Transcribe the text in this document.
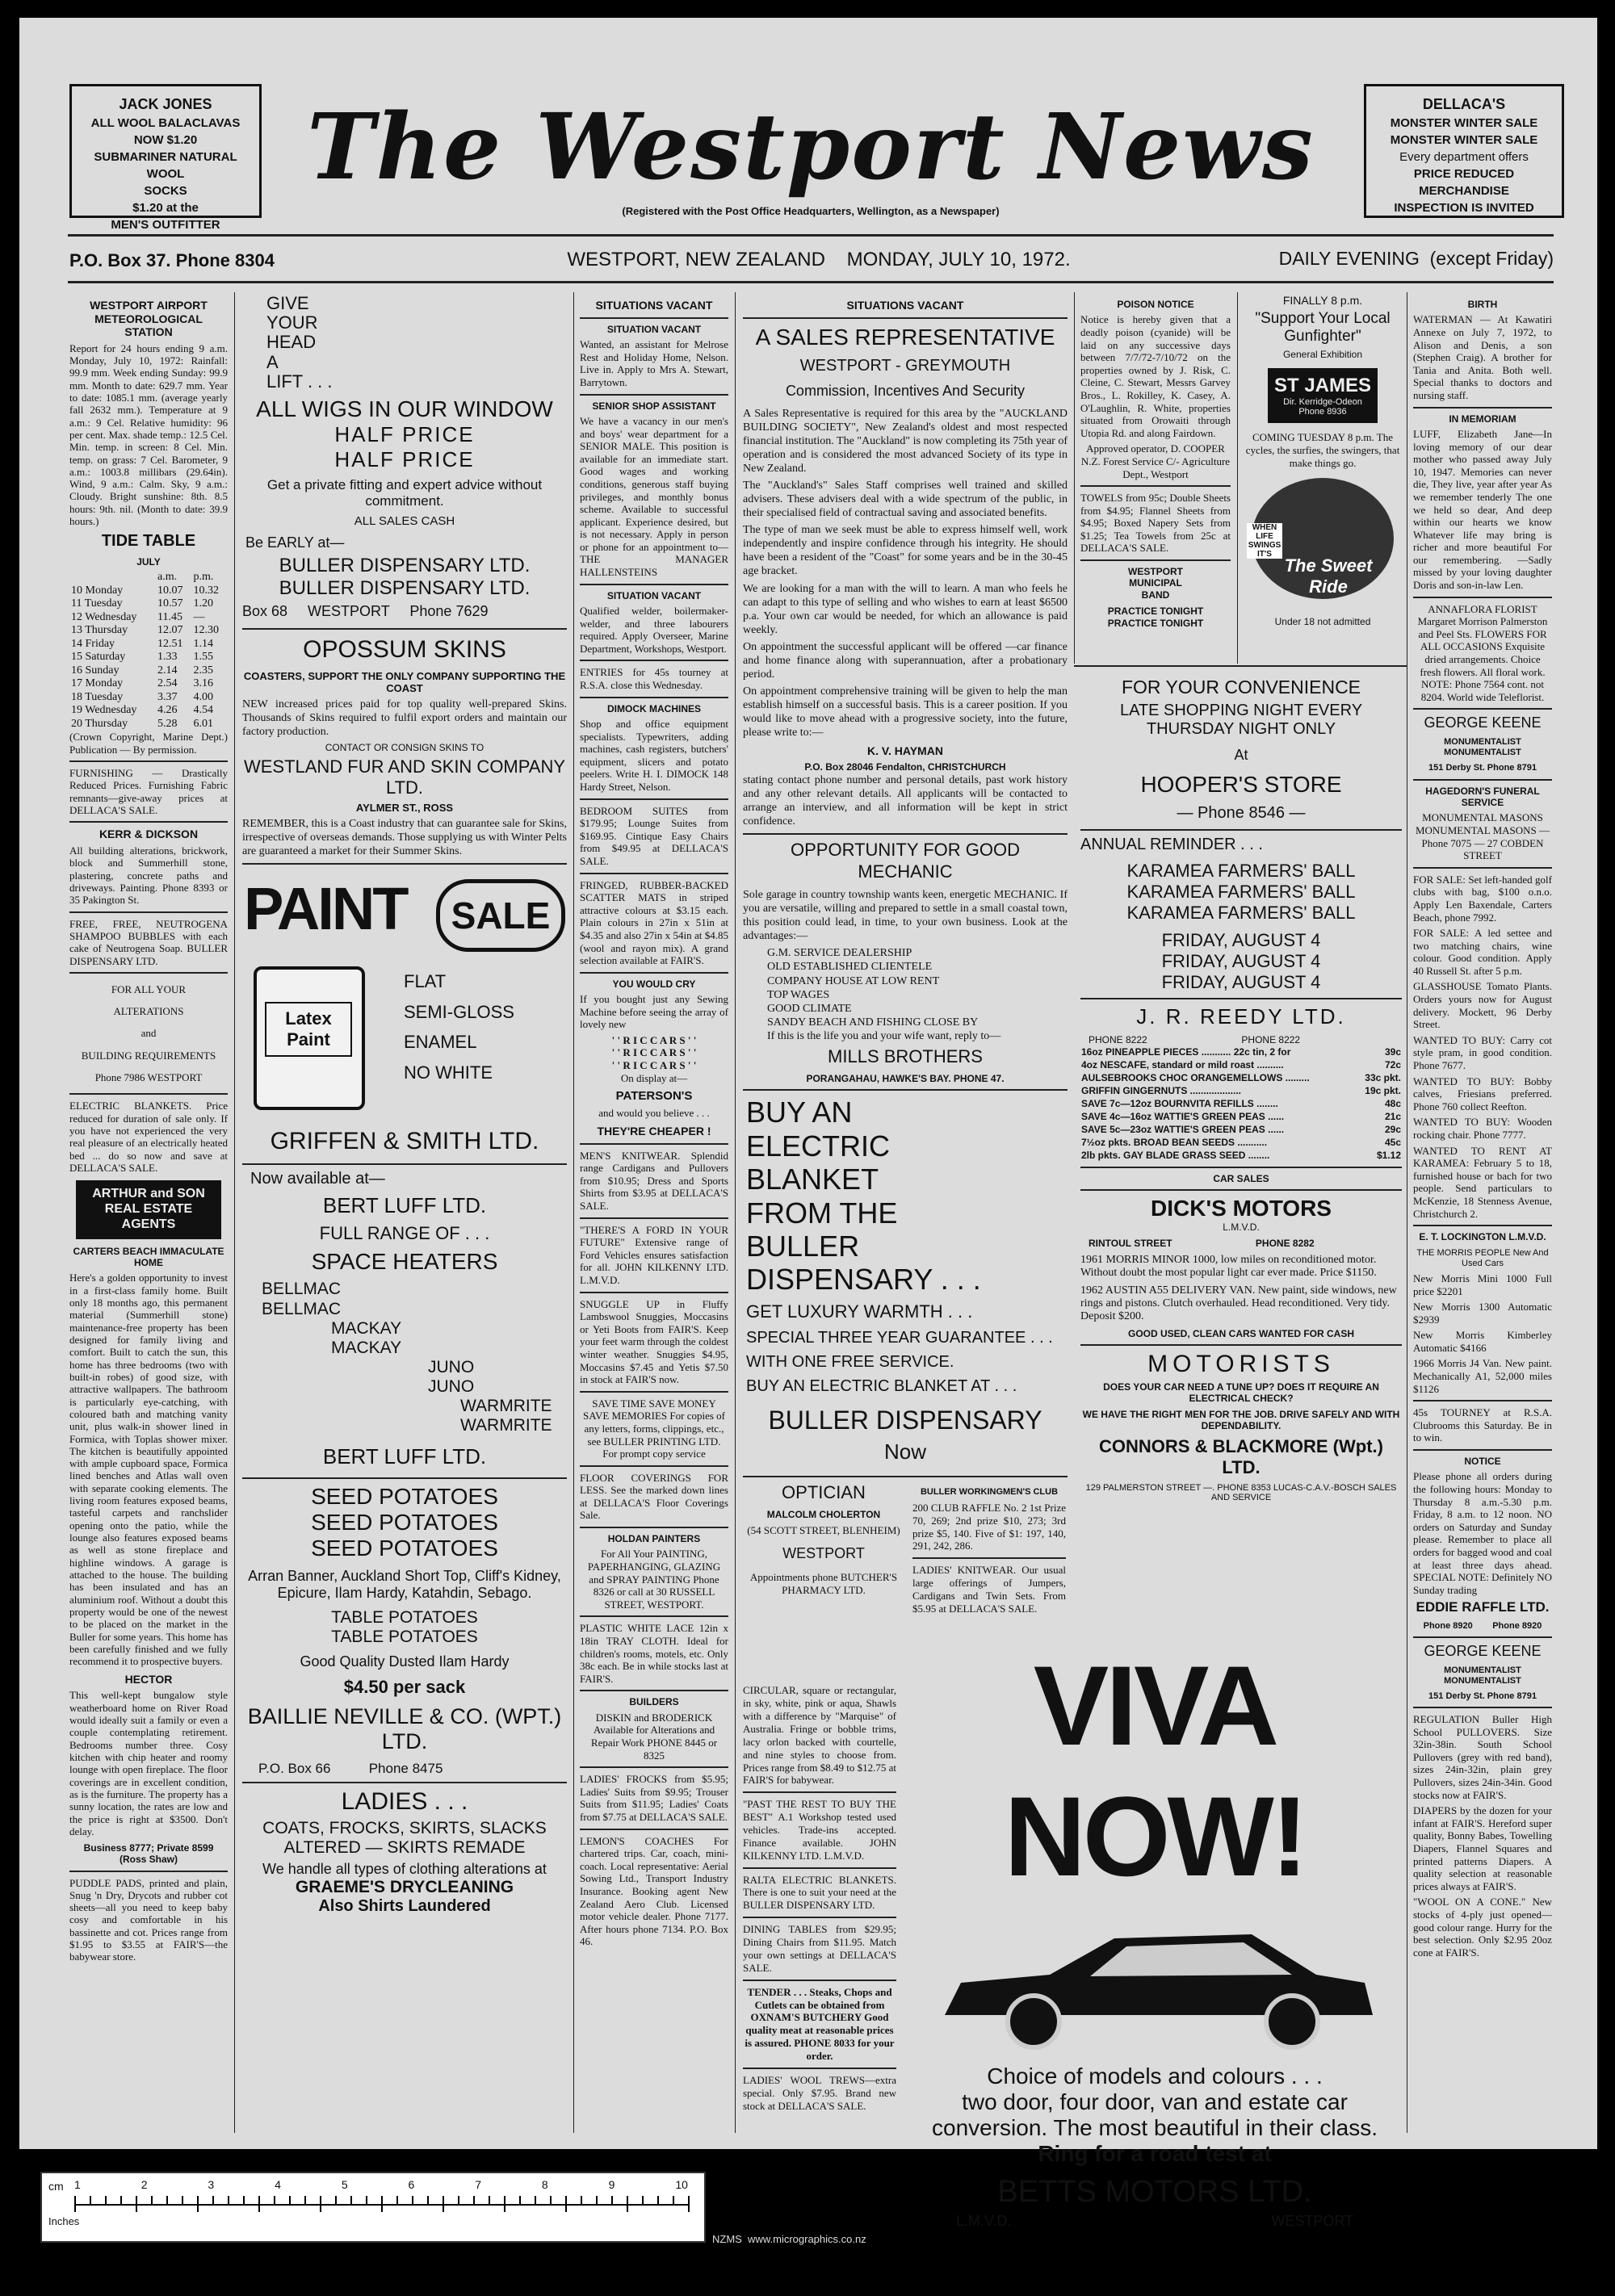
JACK JONES
ALL WOOL BALACLAVAS
NOW $1.20
SUBMARINER NATURAL WOOL
SOCKS
$1.20 at the
MEN'S OUTFITTER
DELLACA'S
MONSTER WINTER SALE
MONSTER WINTER SALE
Every department offers
PRICE REDUCED MERCHANDISE
INSPECTION IS INVITED
The Westport News
(Registered with the Post Office Headquarters, Wellington, as a Newspaper)
P.O. Box 37. Phone 8304	WESTPORT, NEW ZEALAND    MONDAY, JULY 10, 1972.	DAILY EVENING  (except Friday)
WESTPORT AIRPORT METEOROLOGICAL STATION

Report for 24 hours ending 9 a.m. Monday, July 10, 1972: Rainfall: 99.9 mm. Week ending Sunday: 99.9 mm. Month to date: 629.7 mm. Year to date: 1085.1 mm. (average yearly fall 2632 mm.). Temperature at 9 a.m.: 9 Cel. Relative humidity: 96 per cent. Max. shade temp.: 12.5 Cel. Min. temp. in screen: 8 Cel. Min. temp. on grass: 7 Cel. Barometer, 9 a.m.: 1003.8 millibars (29.64in). Wind, 9 a.m.: Calm. Sky, 9 a.m.: Cloudy. Bright sunshine: 8th. 8.5 hours: 9th. nil. (Month to date: 39.9 hours.)

TIDE TABLE
JULY
	a.m.	p.m.
10 Monday	10.07	10.32
11 Tuesday	10.57	1.20
12 Wednesday	11.45	—
13 Thursday	12.07	12.30
14 Friday	12.51	1.14
15 Saturday	1.33	1.55
16 Sunday	2.14	2.35
17 Monday	2.54	3.16
18 Tuesday	3.37	4.00
19 Wednesday	4.26	4.54
20 Thursday	5.28	6.01

(Crown Copyright, Marine Dept.) Publication — By permission.

FURNISHING — Drastically Reduced Prices. Furnishing Fabric remnants—give-away prices at DELLACA'S SALE.

KERR & DICKSON

All building alterations, brickwork, block and Summerhill stone, plastering, concrete paths and driveways. Painting. Phone 8393 or 35 Pakington St.

FREE, FREE, NEUTROGENA SHAMPOO BUBBLES with each cake of Neutrogena Soap. BULLER DISPENSARY LTD.

FOR ALL YOUR
ALTERATIONS
and
BUILDING REQUIREMENTS
Phone 7986 WESTPORT

ELECTRIC BLANKETS. Price reduced for duration of sale only. If you have not experienced the very real pleasure of an electrically heated bed ... do so now and save at DELLACA'S SALE.

ARTHUR and SON REAL ESTATE AGENTS
CARTERS BEACH IMMACULATE HOME

Here's a golden opportunity to invest in a first-class family home. Built only 18 months ago, this permanent material (Summerhill stone) maintenance-free property has been designed for family living and comfort. Built to catch the sun, this home has three bedrooms (two with built-in robes) of good size, with attractive wallpapers. The bathroom is particularly eye-catching, with coloured bath and matching vanity unit, plus walk-in shower lined in Formica, with Toplas shower mixer. The kitchen is beautifully appointed with ample cupboard space, Formica lined benches and Atlas wall oven with separate cooking elements. The living room features exposed beams, tasteful carpets and ranchslider opening onto the patio, while the lounge also features exposed beams as well as stone fireplace and highline windows. A garage is attached to the house. The building has been insulated and has an aluminium roof. Without a doubt this property would be one of the newest to be placed on the market in the Buller for some years. This home has been carefully finished and we fully recommend it to prospective buyers.

HECTOR

This well-kept bungalow style weatherboard home on River Road would ideally suit a family or even a couple contemplating retirement. Bedrooms number three. Cosy kitchen with chip heater and roomy lounge with open fireplace. The floor coverings are in excellent condition, as is the furniture. The property has a sunny location, the rates are low and the price is right at $3500. Don't delay.

Business 8777; Private 8599 (Ross Shaw)

PUDDLE PADS, printed and plain, Snug 'n Dry, Drycots and rubber cot sheets—all you need to keep baby cosy and comfortable in his bassinette and cot. Prices range from $1.95 to $3.55 at FAIR'S—the babywear store.

GIVE
YOUR
HEAD
A
LIFT . . .
ALL WIGS IN OUR WINDOW
HALF PRICE
HALF PRICE
Get a private fitting and expert advice without commitment.
ALL SALES CASH
Be EARLY at—
BULLER DISPENSARY LTD.
BULLER DISPENSARY LTD.
Box 68     WESTPORT     Phone 7629
OPOSSUM SKINS
COASTERS, SUPPORT THE ONLY COMPANY SUPPORTING THE COAST
NEW increased prices paid for top quality well-prepared Skins. Thousands of Skins required to fulfil export orders and maintain our factory production.
CONTACT OR CONSIGN SKINS TO
WESTLAND FUR AND SKIN COMPANY LTD.
AYLMER ST., ROSS
REMEMBER, this is a Coast industry that can guarantee sale for Skins, irrespective of overseas demands. Those supplying us with Winter Pelts are guaranteed a market for their Summer Skins.
PAINT	SALE
Latex Paint
FLAT
SEMI-GLOSS
ENAMEL
NO WHITE
GRIFFEN & SMITH LTD.
Now available at—
BERT LUFF LTD.
FULL RANGE OF . . .
SPACE HEATERS
BELLMAC
BELLMAC
MACKAY
MACKAY
JUNO
JUNO
WARMRITE
WARMRITE
BERT LUFF LTD.
SEED POTATOES
SEED POTATOES
SEED POTATOES
Arran Banner, Auckland Short Top, Cliff's Kidney, Epicure, Ilam Hardy, Katahdin, Sebago.
TABLE POTATOES
TABLE POTATOES
Good Quality Dusted Ilam Hardy
$4.50 per sack
BAILLIE NEVILLE & CO. (WPT.) LTD.
P.O. Box 66          Phone 8475
LADIES . . .
COATS, FROCKS, SKIRTS, SLACKS ALTERED — SKIRTS REMADE
We handle all types of clothing alterations at
GRAEME'S DRYCLEANING
Also Shirts Laundered
SITUATIONS VACANT
SITUATION VACANT

Wanted, an assistant for Melrose Rest and Holiday Home, Nelson. Live in. Apply to Mrs A. Stewart, Barrytown.

SENIOR SHOP ASSISTANT

We have a vacancy in our men's and boys' wear department for a SENIOR MALE. This position is available for an immediate start. Good wages and working conditions, generous staff buying privileges, and monthly bonus scheme. Available to successful applicant. Experience desired, but is not necessary. Apply in person or phone for an appointment to— THE MANAGER HALLENSTEINS

SITUATION VACANT

Qualified welder, boilermaker-welder, and three labourers required. Apply Overseer, Marine Department, Workshops, Westport.

ENTRIES for 45s tourney at R.S.A. close this Wednesday.

DIMOCK MACHINES

Shop and office equipment specialists. Typewriters, adding machines, cash registers, butchers' equipment, slicers and potato peelers. Write H. I. DIMOCK 148 Hardy Street, Nelson.

BEDROOM SUITES from $179.95; Lounge Suites from $169.95. Cintique Easy Chairs from $49.95 at DELLACA'S SALE.

FRINGED, RUBBER-BACKED SCATTER MATS in striped attractive colours at $3.15 each. Plain colours in 27in x 51in at $4.35 and also 27in x 54in at $4.85 (wool and rayon mix). A grand selection available at FAIR'S.

YOU WOULD CRY

If you bought just any Sewing Machine before seeing the array of lovely new

' ' R I C C A R S ' '
' ' R I C C A R S ' '
' ' R I C C A R S ' '
On display at—
PATERSON'S
and would you believe . . .
THEY'RE CHEAPER !

MEN'S KNITWEAR. Splendid range Cardigans and Pullovers from $10.95; Dress and Sports Shirts from $3.95 at DELLACA'S SALE.

"THERE'S A FORD IN YOUR FUTURE" Extensive range of Ford Vehicles ensures satisfaction for all. JOHN KILKENNY LTD. L.M.V.D.

SNUGGLE UP in Fluffy Lambswool Snuggies, Moccasins or Yeti Boots from FAIR'S. Keep your feet warm through the coldest winter weather. Snuggies $4.95, Moccasins $7.45 and Yetis $7.50 in stock at FAIR'S now.

SAVE TIME SAVE MONEY SAVE MEMORIES For copies of any letters, forms, clippings, etc., see BULLER PRINTING LTD. For prompt copy service

FLOOR COVERINGS FOR LESS. See the marked down lines at DELLACA'S Floor Coverings Sale.

HOLDAN PAINTERS

For All Your PAINTING, PAPERHANGING, GLAZING and SPRAY PAINTING Phone 8326 or call at 30 RUSSELL STREET, WESTPORT.

PLASTIC WHITE LACE 12in x 18in TRAY CLOTH. Ideal for children's rooms, motels, etc. Only 38c each. Be in while stocks last at FAIR'S.

BUILDERS

DISKIN and BRODERICK Available for Alterations and Repair Work PHONE 8445 or 8325

LADIES' FROCKS from $5.95; Ladies' Suits from $9.95; Trouser Suits from $11.95; Ladies' Coats from $7.75 at DELLACA'S SALE.

LEMON'S COACHES For chartered trips. Car, coach, mini-coach. Local representative: Aerial Sowing Ltd., Transport Industry Insurance. Booking agent New Zealand Aero Club. Licensed motor vehicle dealer. Phone 7177. After hours phone 7134. P.O. Box 46.

SITUATIONS VACANT
A SALES REPRESENTATIVE
WESTPORT - GREYMOUTH
Commission, Incentives And Security

A Sales Representative is required for this area by the "AUCKLAND BUILDING SOCIETY", New Zealand's oldest and most respected financial institution. The "Auckland" is now completing its 75th year of operation and is considered the most advanced Society of its type in New Zealand.

The "Auckland's" Sales Staff comprises well trained and skilled advisers. These advisers deal with a wide spectrum of the public, in their specialised field of contractual saving and associated benefits.

The type of man we seek must be able to express himself well, work independently and inspire confidence through his integrity. He should have been a resident of the "Coast" for some years and be in the 30-45 age bracket.

We are looking for a man with the will to learn. A man who feels he can adapt to this type of selling and who wishes to earn at least $6500 p.a. Your own car would be needed, for which an allowance is paid weekly.

On appointment the successful applicant will be offered —car finance and home finance along with superannuation, after a probationary period.

On appointment comprehensive training will be given to help the man establish himself on a successful basis. This is a career position. If you would like to move ahead with a progressive society, into the future, please write to:—

K. V. HAYMAN
P.O. Box 28046 Fendalton, CHRISTCHURCH

stating contact phone number and personal details, past work history and any other relevant details. All applicants will be contacted to arrange an interview, and all information will be kept in strict confidence.

OPPORTUNITY FOR GOOD MECHANIC

Sole garage in country township wants keen, energetic MECHANIC. If you are versatile, willing and prepared to settle in a small coastal town, this position could lead, in time, to your own business. Look at the advantages:—

G.M. SERVICE DEALERSHIP
OLD ESTABLISHED CLIENTELE
COMPANY HOUSE AT LOW RENT
TOP WAGES
GOOD CLIMATE
SANDY BEACH AND FISHING CLOSE BY

If this is the life you and your wife want, reply to—

MILLS BROTHERS
PORANGAHAU, HAWKE'S BAY. PHONE 47.
BUY AN
ELECTRIC
BLANKET
FROM THE
BULLER
DISPENSARY . . .
GET LUXURY WARMTH . . .
SPECIAL THREE YEAR GUARANTEE . . .
WITH ONE FREE SERVICE.
BUY AN ELECTRIC BLANKET AT . . .
BULLER DISPENSARY
Now
OPTICIAN
MALCOLM CHOLERTON
(54 SCOTT STREET, BLENHEIM)
WESTPORT
Appointments phone BUTCHER'S PHARMACY LTD.
BULLER WORKINGMEN'S CLUB

200 CLUB RAFFLE No. 2 1st Prize 70, 269; 2nd prize $10, 273; 3rd prize $5, 140. Five of $1: 197, 140, 291, 242, 286.

LADIES' KNITWEAR. Our usual large offerings of Jumpers, Cardigans and Twin Sets. From $5.95 at DELLACA'S SALE.

CIRCULAR, square or rectangular, in sky, white, pink or aqua, Shawls with a difference by "Marquise" of Australia. Fringe or bobble trims, lacy orlon backed with courtelle, and nine styles to choose from. Prices range from $8.49 to $12.75 at FAIR'S for babywear.

"PAST THE REST TO BUY THE BEST" A.1 Workshop tested used vehicles. Trade-ins accepted. Finance available. JOHN KILKENNY LTD. L.M.V.D.

RALTA ELECTRIC BLANKETS. There is one to suit your need at the BULLER DISPENSARY LTD.

DINING TABLES from $29.95; Dining Chairs from $11.95. Match your own settings at DELLACA'S SALE.

TENDER . . . Steaks, Chops and Cutlets can be obtained from OXNAM'S BUTCHERY Good quality meat at reasonable prices is assured. PHONE 8033 for your order.

LADIES' WOOL TREWS—extra special. Only $7.95. Brand new stock at DELLACA'S SALE.

POISON NOTICE

Notice is hereby given that a deadly poison (cyanide) will be laid on any successive days between 7/7/72-7/10/72 on the properties owned by J. Risk, C. Cleine, C. Stewart, Messrs Garvey Bros., L. Rokilley, K. Casey, A. O'Laughlin, R. White, properties situated from Orowaiti through Utopia Rd. and along Fairdown.

Approved operator, D. COOPER N.Z. Forest Service C/- Agriculture Dept., Westport

TOWELS from 95c; Double Sheets from $4.95; Flannel Sheets from $4.95; Boxed Napery Sets from $1.25; Tea Towels from 25c at DELLACA'S SALE.

WESTPORT
MUNICIPAL
BAND
PRACTICE TONIGHT
PRACTICE TONIGHT
FINALLY 8 p.m.
"Support Your Local Gunfighter"
General Exhibition
ST JAMES
Dir. Kerridge-Odeon Phone 8936
COMING TUESDAY 8 p.m. The cycles, the surfies, the swingers, that make things go.
WHEN LIFE SWINGS IT'S
The Sweet Ride
Under 18 not admitted
FOR YOUR CONVENIENCE
LATE SHOPPING NIGHT EVERY THURSDAY NIGHT ONLY
At
HOOPER'S STORE
— Phone 8546 —
ANNUAL REMINDER . . .
KARAMEA FARMERS' BALL
KARAMEA FARMERS' BALL
KARAMEA FARMERS' BALL
FRIDAY, AUGUST 4
FRIDAY, AUGUST 4
FRIDAY, AUGUST 4
J. R. REEDY LTD.
PHONE 8222                                   PHONE 8222
16oz PINEAPPLE PIECES ........... 22c tin, 2 for	39c
4oz NESCAFE, standard or mild roast ..........	72c
AULSEBROOKS CHOC ORANGEMELLOWS .........	33c pkt.
GRIFFIN GINGERNUTS ...................	19c pkt.
SAVE 7c—12oz BOURNVITA REFILLS ........	48c
SAVE 4c—16oz WATTIE'S GREEN PEAS ......	21c
SAVE 5c—23oz WATTIE'S GREEN PEAS ......	29c
7½oz pkts. BROAD BEAN SEEDS ...........	45c
2lb pkts. GAY BLADE GRASS SEED ........	$1.12
CAR SALES
DICK'S MOTORS
L.M.V.D.
RINTOUL STREET                               PHONE 8282

1961 MORRIS MINOR 1000, low miles on reconditioned motor. Without doubt the most popular light car ever made. Price $1150.

1962 AUSTIN A55 DELIVERY VAN. New paint, side windows, new rings and pistons. Clutch overhauled. Head reconditioned. Very tidy. Deposit $200.

GOOD USED, CLEAN CARS WANTED FOR CASH
MOTORISTS
DOES YOUR CAR NEED A TUNE UP? DOES IT REQUIRE AN ELECTRICAL CHECK?
WE HAVE THE RIGHT MEN FOR THE JOB. DRIVE SAFELY AND WITH DEPENDABILITY.
CONNORS & BLACKMORE (Wpt.) LTD.
129 PALMERSTON STREET —. PHONE 8353 LUCAS-C.A.V.-BOSCH SALES AND SERVICE
VIVA NOW!
Choice of models and colours . . .
two door, four door, van and estate car
conversion. The most beautiful in their class.
Ring for a road test at
BETTS MOTORS LTD.
L.M.V.D.	WESTPORT
BIRTH

WATERMAN — At Kawatiri Annexe on July 7, 1972, to Alison and Denis, a son (Stephen Craig). A brother for Tania and Anita. Both well. Special thanks to doctors and nursing staff.

IN MEMORIAM

LUFF, Elizabeth Jane—In loving memory of our dear mother who passed away July 10, 1947. Memories can never die, They live, year after year As we remember tenderly The one we held so dear, And deep within our hearts we know Whatever life may bring is richer and more beautiful For our remembering. —Sadly missed by your loving daughter Doris and son-in-law Len.

ANNAFLORA FLORIST Margaret Morrison Palmerston and Peel Sts. FLOWERS FOR ALL OCCASIONS Exquisite dried arrangements. Choice fresh flowers. All floral work. NOTE: Phone 7564 cont. not 8204. World wide Teleflorist.

GEORGE KEENE
MONUMENTALIST MONUMENTALIST
151 Derby St. Phone 8791
HAGEDORN'S FUNERAL SERVICE

MONUMENTAL MASONS MONUMENTAL MASONS — Phone 7075 — 27 COBDEN STREET

FOR SALE: Set left-handed golf clubs with bag, $100 o.n.o. Apply Len Baxendale, Carters Beach, phone 7992.

FOR SALE: A led settee and two matching chairs, wine colour. Good condition. Apply 40 Russell St. after 5 p.m.

GLASSHOUSE Tomato Plants. Orders yours now for August delivery. Mockett, 96 Derby Street.

WANTED TO BUY: Carry cot style pram, in good condition. Phone 7677.

WANTED TO BUY: Bobby calves, Friesians preferred. Phone 760 collect Reefton.

WANTED TO BUY: Wooden rocking chair. Phone 7777.

WANTED TO RENT AT KARAMEA: February 5 to 18, furnished house or bach for two people. Send particulars to McKenzie, 18 Stenness Avenue, Christchurch 2.

E. T. LOCKINGTON L.M.V.D.
THE MORRIS PEOPLE New And Used Cars

New Morris Mini 1000 Full price $2201

New Morris 1300 Automatic $2939

New Morris Kimberley Automatic $4166

1966 Morris J4 Van. New paint. Mechanically A1, 52,000 miles $1126

45s TOURNEY at R.S.A. Clubrooms this Saturday. Be in to win.

NOTICE

Please phone all orders during the following hours: Monday to Thursday 8 a.m.-5.30 p.m. Friday, 8 a.m. to 12 noon. NO orders on Saturday and Sunday please. Remember to place all orders for bagged wood and coal at least three days ahead. SPECIAL NOTE: Definitely NO Sunday trading

EDDIE RAFFLE LTD.
Phone 8920        Phone 8920
GEORGE KEENE
MONUMENTALIST MONUMENTALIST
151 Derby St. Phone 8791

REGULATION Buller High School PULLOVERS. Size 32in-38in. South School Pullovers (grey with red band), sizes 24in-32in, plain grey Pullovers, sizes 24in-34in. Good stocks now at FAIR'S.

DIAPERS by the dozen for your infant at FAIR'S. Hereford super quality, Bonny Babes, Towelling Diapers, Flannel Squares and printed patterns Diapers. A quality selection at reasonable prices always at FAIR'S.

"WOOL ON A CONE." New stocks of 4-ply just opened—good colour range. Hurry for the best selection. Only $2.95 20oz cone at FAIR'S.

cm
Inches
1	2	3	4	5	6	7	8	9	10
NZMS  www.micrographics.co.nz
